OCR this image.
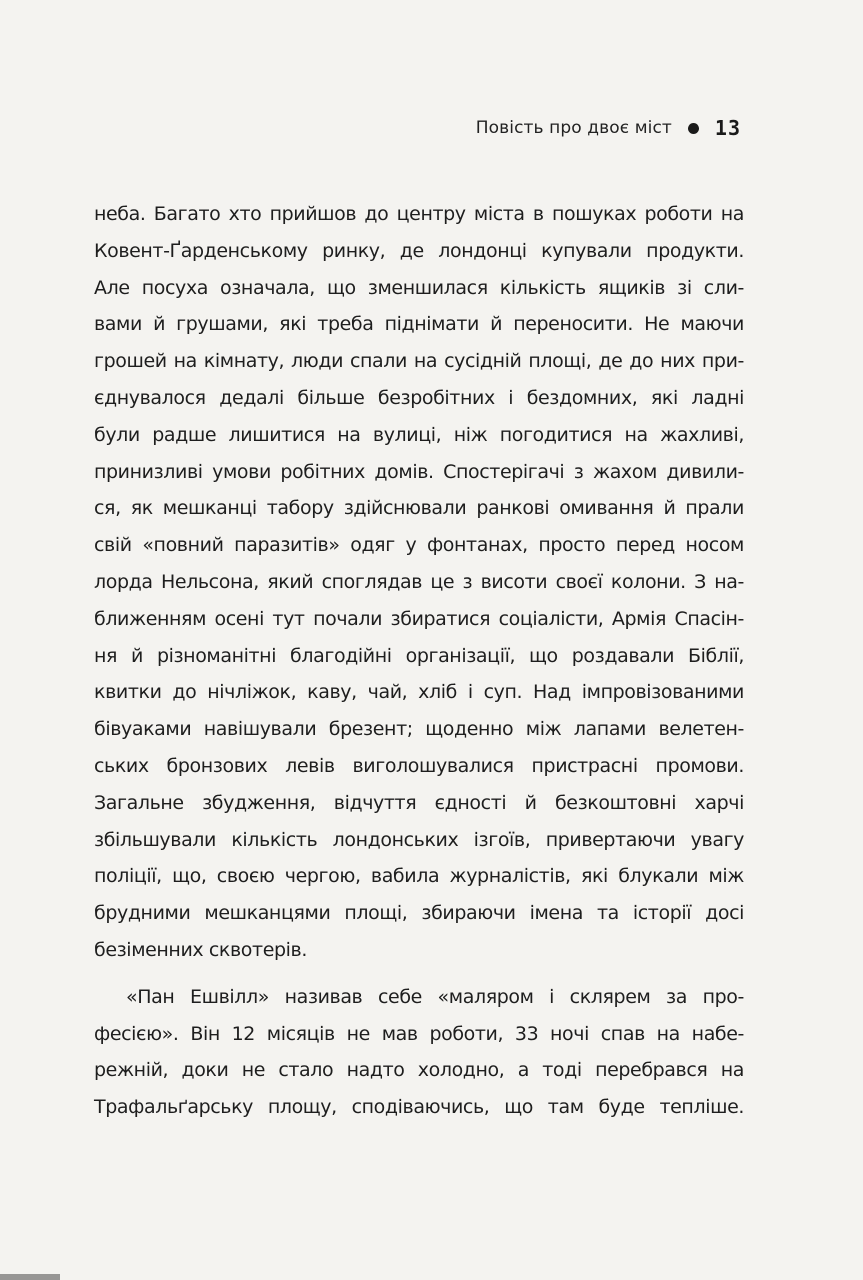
Повість про двоє міст 13
неба. Багато хто прийшов до центру міста в пошуках роботи на
Ковент-Ґарденському ринку, де лондонці купували продукти.
Але посуха означала, що зменшилася кількість ящиків зі сли-
вами й грушами, які треба піднімати й переносити. Не маючи
грошей на кімнату, люди спали на сусідній площі, де до них при-
єднувалося дедалі більше безробітних і бездомних, які ладні
були радше лишитися на вулиці, ніж погодитися на жахливі,
принизливі умови робітних домів. Спостерігачі з жахом дивили-
ся, як мешканці табору здійснювали ранкові омивання й прали
свій «повний паразитів» одяг у фонтанах, просто перед носом
лорда Нельсона, який споглядав це з висоти своєї колони. З на-
ближенням осені тут почали збиратися соціалісти, Армія Спасін-
ня й різноманітні благодійні організації, що роздавали Біблії,
квитки до нічліжок, каву, чай, хліб і суп. Над імпровізованими
бівуаками навішували брезент; щоденно між лапами велетен-
ських бронзових левів виголошувалися пристрасні промови.
Загальне збудження, відчуття єдності й безкоштовні харчі
збільшували кількість лондонських ізгоїв, привертаючи увагу
поліції, що, своєю чергою, вабила журналістів, які блукали між
брудними мешканцями площі, збираючи імена та історії досі
безіменних сквотерів.
«Пан Ешвілл» називав себе «маляром і склярем за про-
фесією». Він 12 місяців не мав роботи, 33 ночі спав на набе-
режній, доки не стало надто холодно, а тоді перебрався на
Трафальґарську площу, сподіваючись, що там буде тепліше.
